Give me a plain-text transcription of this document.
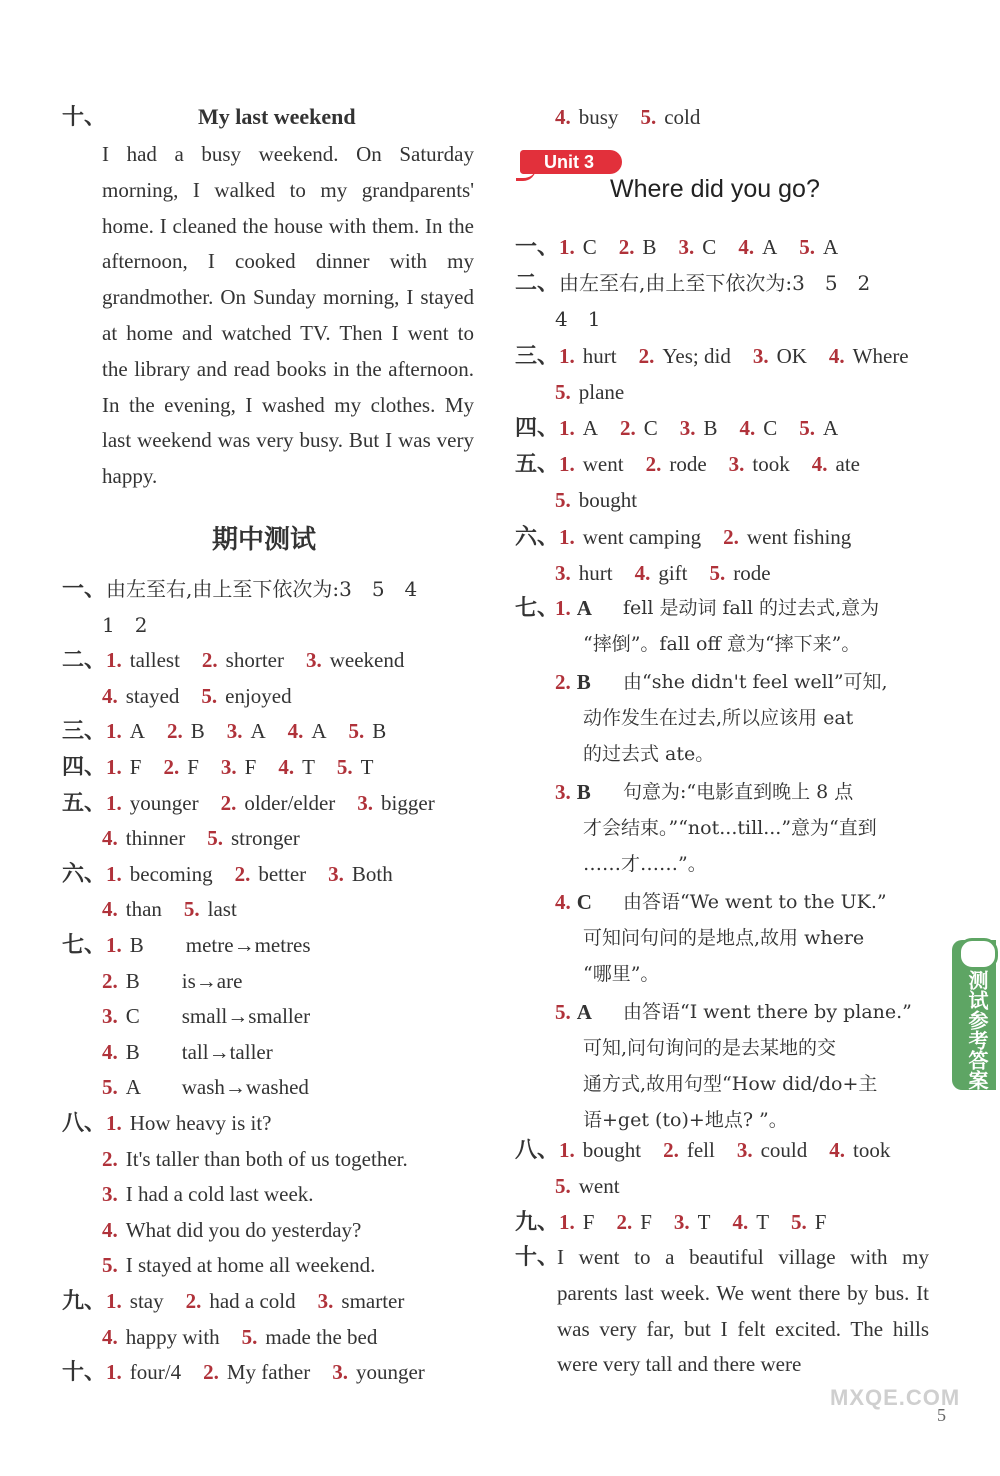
十、	My last weekend
I had a busy weekend. On Saturday morning, I walked to my grandparents' home. I cleaned the house with them. In the afternoon, I cooked dinner with my grandmother. On Sunday morning, I stayed at home and watched TV. Then I went to the library and read books in the afternoon. In the evening, I washed my clothes. My last weekend was very busy. But I was very happy.
期中测试
一、由左至右,由上至下依次为:3　5　4
1　2
二、1. tallest 2. shorter 3. weekend
4. stayed 5. enjoyed
三、1. A 2. B 3. A 4. A 5. B
四、1. F 2. F 3. F 4. T 5. T
五、1. younger 2. older/elder 3. bigger
4. thinner 5. stronger
六、1. becoming 2. better 3. Both
4. than 5. last
七、1. B　　metre→metres
2. B　　is→are
3. C　　small→smaller
4. B　　tall→taller
5. A　　wash→washed
八、1. How heavy is it?
2. It's taller than both of us together.
3. I had a cold last week.
4. What did you do yesterday?
5. I stayed at home all weekend.
九、1. stay 2. had a cold 3. smarter
4. happy with 5. made the bed
十、1. four/4 2. My father 3. younger
4. busy 5. cold
一、1. C 2. B 3. C 4. A 5. A
二、由左至右,由上至下依次为:3　5　2
4　1
三、1. hurt 2. Yes; did 3. OK 4. Where
5. plane
四、1. A 2. C 3. B 4. C 5. A
五、1. went 2. rode 3. took 4. ate
5. bought
六、1. went camping 2. went fishing
3. hurt 4. gift 5. rode
七、
1. A fell 是动词 fall 的过去式,意为
“摔倒”。fall off 意为“摔下来”。
2. B 由“she didn't feel well”可知,
动作发生在过去,所以应该用 eat
的过去式 ate。
3. B 句意为:“电影直到晚上 8 点
才会结束。”“not...till...”意为“直到
……才……”。
4. C 由答语“We went to the UK.”
可知问句问的是地点,故用 where
“哪里”。
5. A 由答语“I went there by plane.”
可知,问句询问的是去某地的交
通方式,故用句型“How did/do+主
语+get (to)+地点? ”。
八、1. bought 2. fell 3. could 4. took
5. went
九、1. F 2. F 3. T 4. T 5. F
十、
I went to a beautiful village with my parents last week. We went there by bus. It was very far, but I felt excited. The hills were very tall and there were
Unit 3
Where did you go?
测试参考答案
MXQE.COM
5
